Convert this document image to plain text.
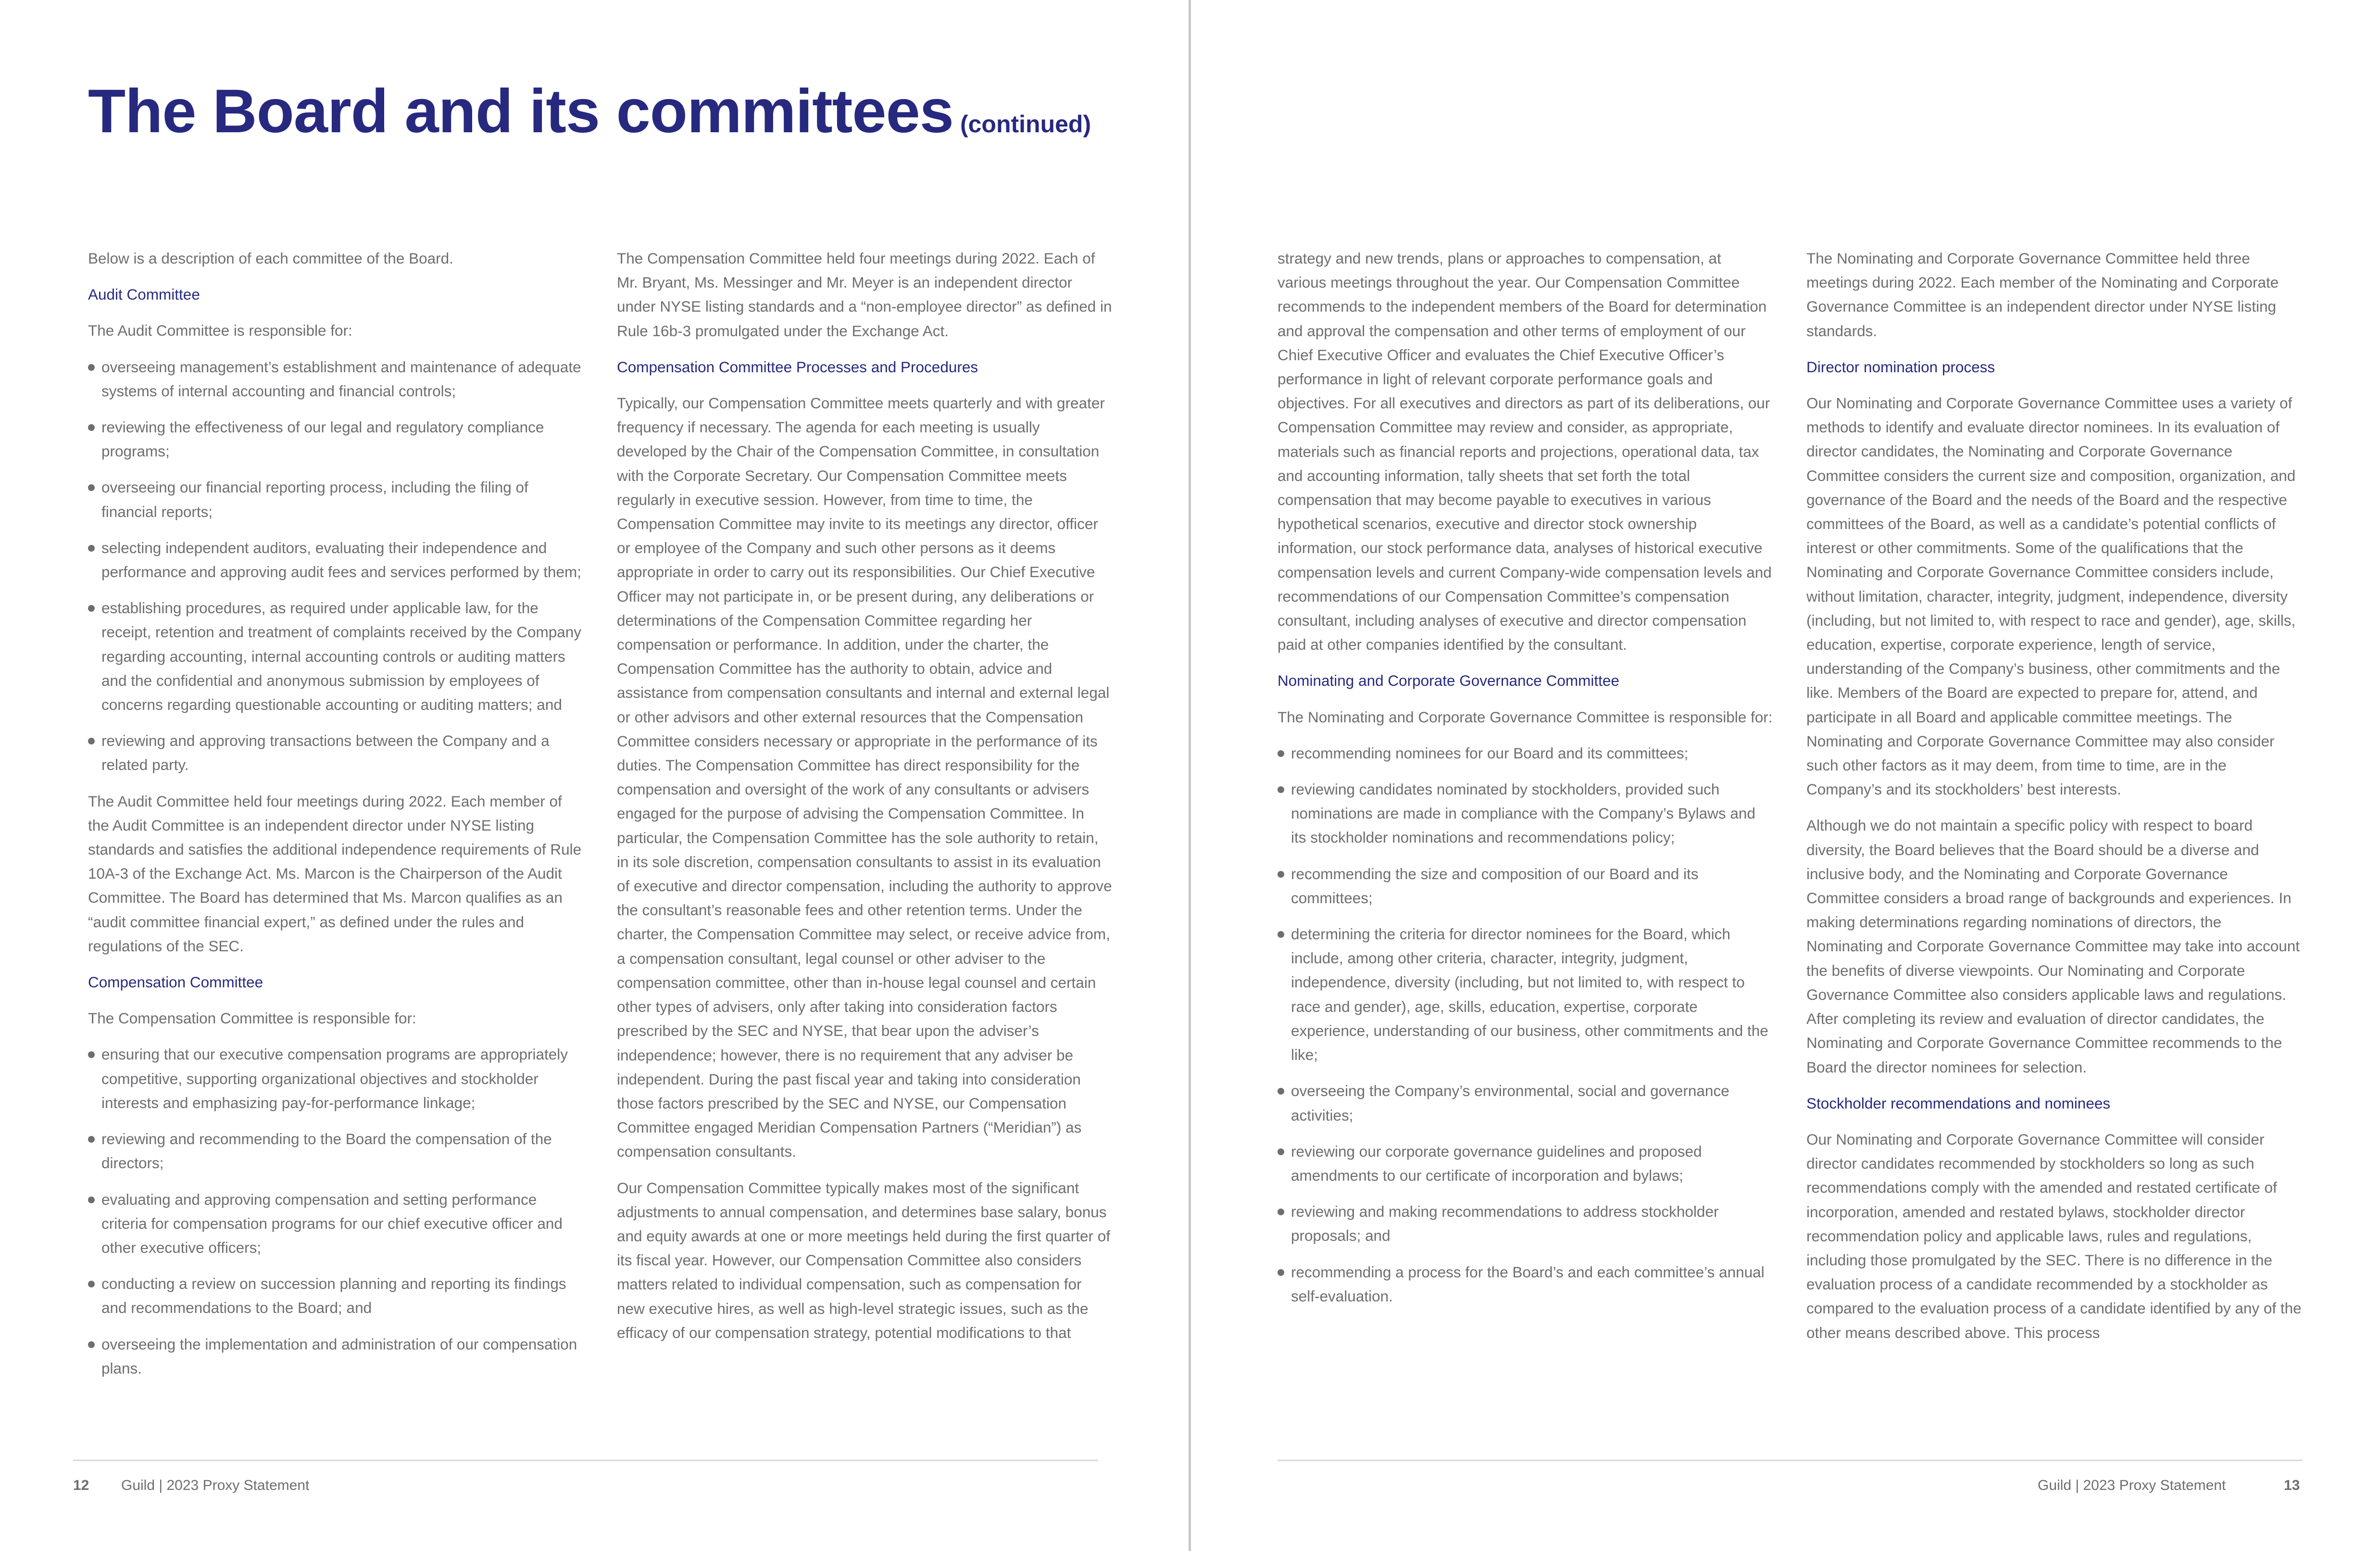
The Board and its committees (continued)

Below is a description of each committee of the Board.

Audit Committee

The Audit Committee is responsible for:

overseeing management’s establishment and maintenance of adequate systems of internal accounting and financial controls;
reviewing the effectiveness of our legal and regulatory compliance programs;
overseeing our financial reporting process, including the filing of financial reports;
selecting independent auditors, evaluating their independence and performance and approving audit fees and services performed by them;
establishing procedures, as required under applicable law, for the receipt, retention and treatment of complaints received by the Company regarding accounting, internal accounting controls or auditing matters and the confidential and anonymous submission by employees of concerns regarding questionable accounting or auditing matters; and
reviewing and approving transactions between the Company and a related party.

The Audit Committee held four meetings during 2022. Each member of the Audit Committee is an independent director under NYSE listing standards and satisfies the additional independence requirements of Rule 10A-3 of the Exchange Act. Ms. Marcon is the Chairperson of the Audit Committee. The Board has determined that Ms. Marcon qualifies as an “audit committee financial expert,” as defined under the rules and regulations of the SEC.

Compensation Committee

The Compensation Committee is responsible for:

ensuring that our executive compensation programs are appropriately competitive, supporting organizational objectives and stockholder interests and emphasizing pay-for-performance linkage;
reviewing and recommending to the Board the compensation of the directors;
evaluating and approving compensation and setting performance criteria for compensation programs for our chief executive officer and other executive officers;
conducting a review on succession planning and reporting its findings and recommendations to the Board; and
overseeing the implementation and administration of our compensation plans.

The Compensation Committee held four meetings during 2022. Each of Mr. Bryant, Ms. Messinger and Mr. Meyer is an independent director under NYSE listing standards and a “non-employee director” as defined in Rule 16b-3 promulgated under the Exchange Act.

Compensation Committee Processes and Procedures

Typically, our Compensation Committee meets quarterly and with greater frequency if necessary. The agenda for each meeting is usually developed by the Chair of the Compensation Committee, in consultation with the Corporate Secretary. Our Compensation Committee meets regularly in executive session. However, from time to time, the Compensation Committee may invite to its meetings any director, officer or employee of the Company and such other persons as it deems appropriate in order to carry out its responsibilities. Our Chief Executive Officer may not participate in, or be present during, any deliberations or determinations of the Compensation Committee regarding her compensation or performance. In addition, under the charter, the Compensation Committee has the authority to obtain, advice and assistance from compensation consultants and internal and external legal or other advisors and other external resources that the Compensation Committee considers necessary or appropriate in the performance of its duties. The Compensation Committee has direct responsibility for the compensation and oversight of the work of any consultants or advisers engaged for the purpose of advising the Compensation Committee. In particular, the Compensation Committee has the sole authority to retain, in its sole discretion, compensation consultants to assist in its evaluation of executive and director compensation, including the authority to approve the consultant’s reasonable fees and other retention terms. Under the charter, the Compensation Committee may select, or receive advice from, a compensation consultant, legal counsel or other adviser to the compensation committee, other than in-house legal counsel and certain other types of advisers, only after taking into consideration factors prescribed by the SEC and NYSE, that bear upon the adviser’s independence; however, there is no requirement that any adviser be independent. During the past fiscal year and taking into consideration those factors prescribed by the SEC and NYSE, our Compensation Committee engaged Meridian Compensation Partners (“Meridian”) as compensation consultants.

Our Compensation Committee typically makes most of the significant adjustments to annual compensation, and determines base salary, bonus and equity awards at one or more meetings held during the first quarter of its fiscal year. However, our Compensation Committee also considers matters related to individual compensation, such as compensation for new executive hires, as well as high-level strategic issues, such as the efficacy of our compensation strategy, potential modifications to that

strategy and new trends, plans or approaches to compensation, at various meetings throughout the year. Our Compensation Committee recommends to the independent members of the Board for determination and approval the compensation and other terms of employment of our Chief Executive Officer and evaluates the Chief Executive Officer’s performance in light of relevant corporate performance goals and objectives. For all executives and directors as part of its deliberations, our Compensation Committee may review and consider, as appropriate, materials such as financial reports and projections, operational data, tax and accounting information, tally sheets that set forth the total compensation that may become payable to executives in various hypothetical scenarios, executive and director stock ownership information, our stock performance data, analyses of historical executive compensation levels and current Company-wide compensation levels and recommendations of our Compensation Committee’s compensation consultant, including analyses of executive and director compensation paid at other companies identified by the consultant.

Nominating and Corporate Governance Committee

The Nominating and Corporate Governance Committee is responsible for:

recommending nominees for our Board and its committees;
reviewing candidates nominated by stockholders, provided such nominations are made in compliance with the Company’s Bylaws and its stockholder nominations and recommendations policy;
recommending the size and composition of our Board and its committees;
determining the criteria for director nominees for the Board, which include, among other criteria, character, integrity, judgment, independence, diversity (including, but not limited to, with respect to race and gender), age, skills, education, expertise, corporate experience, understanding of our business, other commitments and the like;
overseeing the Company’s environmental, social and governance activities;
reviewing our corporate governance guidelines and proposed amendments to our certificate of incorporation and bylaws;
reviewing and making recommendations to address stockholder proposals; and
recommending a process for the Board’s and each committee’s annual self-evaluation.

The Nominating and Corporate Governance Committee held three meetings during 2022. Each member of the Nominating and Corporate Governance Committee is an independent director under NYSE listing standards.

Director nomination process

Our Nominating and Corporate Governance Committee uses a variety of methods to identify and evaluate director nominees. In its evaluation of director candidates, the Nominating and Corporate Governance Committee considers the current size and composition, organization, and governance of the Board and the needs of the Board and the respective committees of the Board, as well as a candidate’s potential conflicts of interest or other commitments. Some of the qualifications that the Nominating and Corporate Governance Committee considers include, without limitation, character, integrity, judgment, independence, diversity (including, but not limited to, with respect to race and gender), age, skills, education, expertise, corporate experience, length of service, understanding of the Company’s business, other commitments and the like. Members of the Board are expected to prepare for, attend, and participate in all Board and applicable committee meetings. The Nominating and Corporate Governance Committee may also consider such other factors as it may deem, from time to time, are in the Company’s and its stockholders’ best interests.

Although we do not maintain a specific policy with respect to board diversity, the Board believes that the Board should be a diverse and inclusive body, and the Nominating and Corporate Governance Committee considers a broad range of backgrounds and experiences. In making determinations regarding nominations of directors, the Nominating and Corporate Governance Committee may take into account the benefits of diverse viewpoints. Our Nominating and Corporate Governance Committee also considers applicable laws and regulations. After completing its review and evaluation of director candidates, the Nominating and Corporate Governance Committee recommends to the Board the director nominees for selection.

Stockholder recommendations and nominees

Our Nominating and Corporate Governance Committee will consider director candidates recommended by stockholders so long as such recommendations comply with the amended and restated certificate of incorporation, amended and restated bylaws, stockholder director recommendation policy and applicable laws, rules and regulations, including those promulgated by the SEC. There is no difference in the evaluation process of a candidate recommended by a stockholder as compared to the evaluation process of a candidate identified by any of the other means described above. This process

12 Guild | 2023 Proxy Statement	Guild | 2023 Proxy Statement	13
